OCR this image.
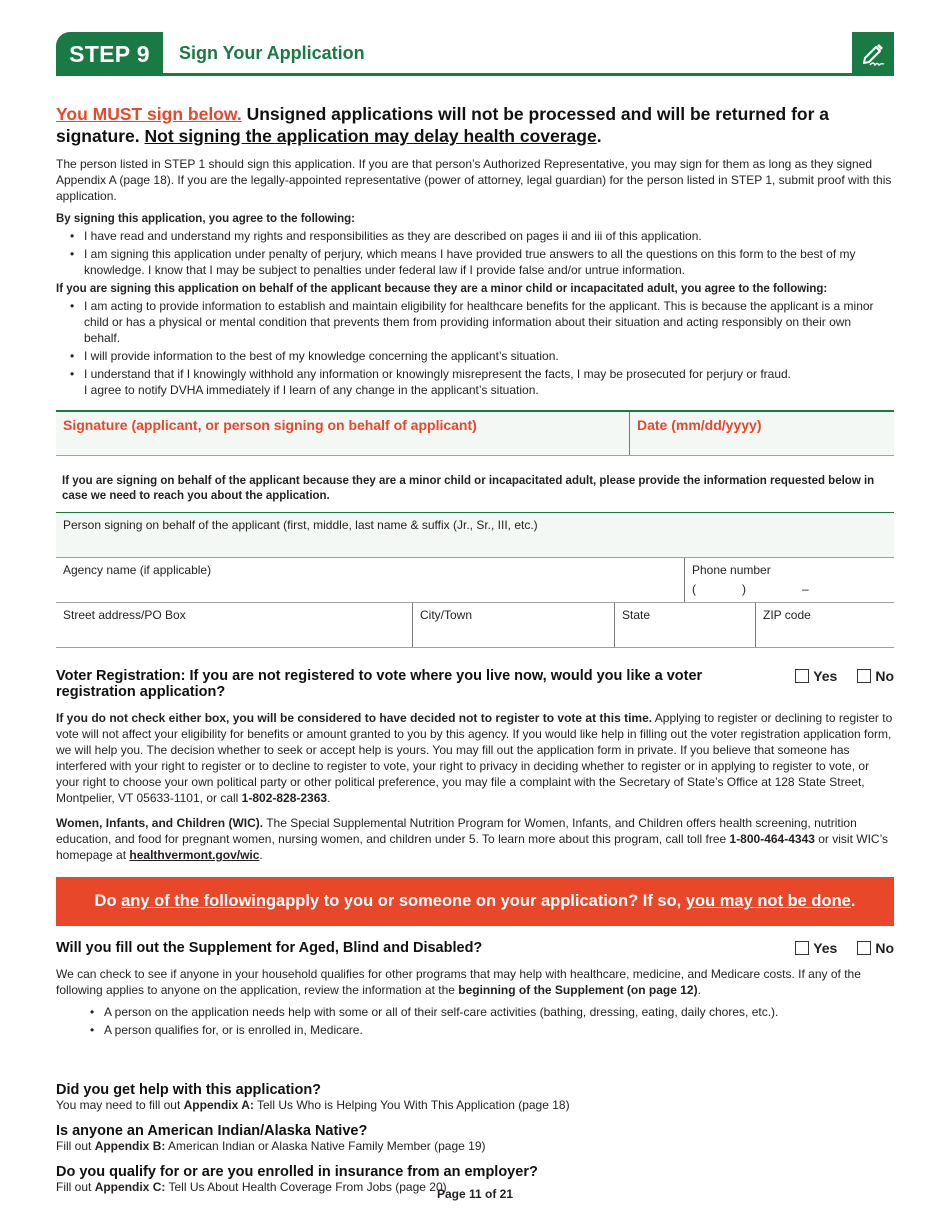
STEP 9	Sign Your Application
You MUST sign below. Unsigned applications will not be processed and will be returned for a signature. Not signing the application may delay health coverage.

The person listed in STEP 1 should sign this application. If you are that person’s Authorized Representative, you may sign for them as long as they signed Appendix A (page 18). If you are the legally-appointed representative (power of attorney, legal guardian) for the person listed in STEP 1, submit proof with this application.

By signing this application, you agree to the following:
• I have read and understand my rights and responsibilities as they are described on pages ii and iii of this application.
• I am signing this application under penalty of perjury, which means I have provided true answers to all the questions on this form to the best of my knowledge. I know that I may be subject to penalties under federal law if I provide false and/or untrue information.
If you are signing this application on behalf of the applicant because they are a minor child or incapacitated adult, you agree to the following:
• I am acting to provide information to establish and maintain eligibility for healthcare benefits for the applicant. This is because the applicant is a minor child or has a physical or mental condition that prevents them from providing information about their situation and acting responsibly on their own behalf.
• I will provide information to the best of my knowledge concerning the applicant’s situation.
• I understand that if I knowingly withhold any information or knowingly misrepresent the facts, I may be prosecuted for perjury or fraud.
I agree to notify DVHA immediately if I learn of any change in the applicant’s situation.
Signature (applicant, or person signing on behalf of applicant)	Date (mm/dd/yyyy)
If you are signing on behalf of the applicant because they are a minor child or incapacitated adult, please provide the information requested below in case we need to reach you about the application.
Person signing on behalf of the applicant (first, middle, last name & suffix (Jr., Sr., III, etc.)
Agency name (if applicable)	Phone number
(	)	–
Street address/PO Box	City/Town	State	ZIP code
Voter Registration: If you are not registered to vote where you live now, would you like a voter registration application?
Yes	No

If you do not check either box, you will be considered to have decided not to register to vote at this time. Applying to register or declining to register to vote will not affect your eligibility for benefits or amount granted to you by this agency. If you would like help in filling out the voter registration application form, we will help you. The decision whether to seek or accept help is yours. You may fill out the application form in private. If you believe that someone has interfered with your right to register or to decline to register to vote, your right to privacy in deciding whether to register or in applying to register to vote, or your right to choose your own political party or other political preference, you may file a complaint with the Secretary of State’s Office at 128 State Street, Montpelier, VT 05633-1101, or call 1-802-828-2363.

Women, Infants, and Children (WIC). The Special Supplemental Nutrition Program for Women, Infants, and Children offers health screening, nutrition education, and food for pregnant women, nursing women, and children under 5. To learn more about this program, call toll free 1-800-464-4343 or visit WIC’s homepage at healthvermont.gov/wic.

Do
any of the following apply to you or someone on your application? If so,
you may not be done .
Will you fill out the Supplement for Aged, Blind and Disabled?	Yes	No

We can check to see if anyone in your household qualifies for other programs that may help with healthcare, medicine, and Medicare costs. If any of the following applies to anyone on the application, review the information at the beginning of the Supplement (on page 12).

• A person on the application needs help with some or all of their self-care activities (bathing, dressing, eating, daily chores, etc.).
• A person qualifies for, or is enrolled in, Medicare.
Did you get help with this application?
You may need to fill out Appendix A: Tell Us Who is Helping You With This Application (page 18)
Is anyone an American Indian/Alaska Native?
Fill out Appendix B: American Indian or Alaska Native Family Member (page 19)
Do you qualify for or are you enrolled in insurance from an employer?
Fill out Appendix C: Tell Us About Health Coverage From Jobs (page 20)
Page 11 of 21
